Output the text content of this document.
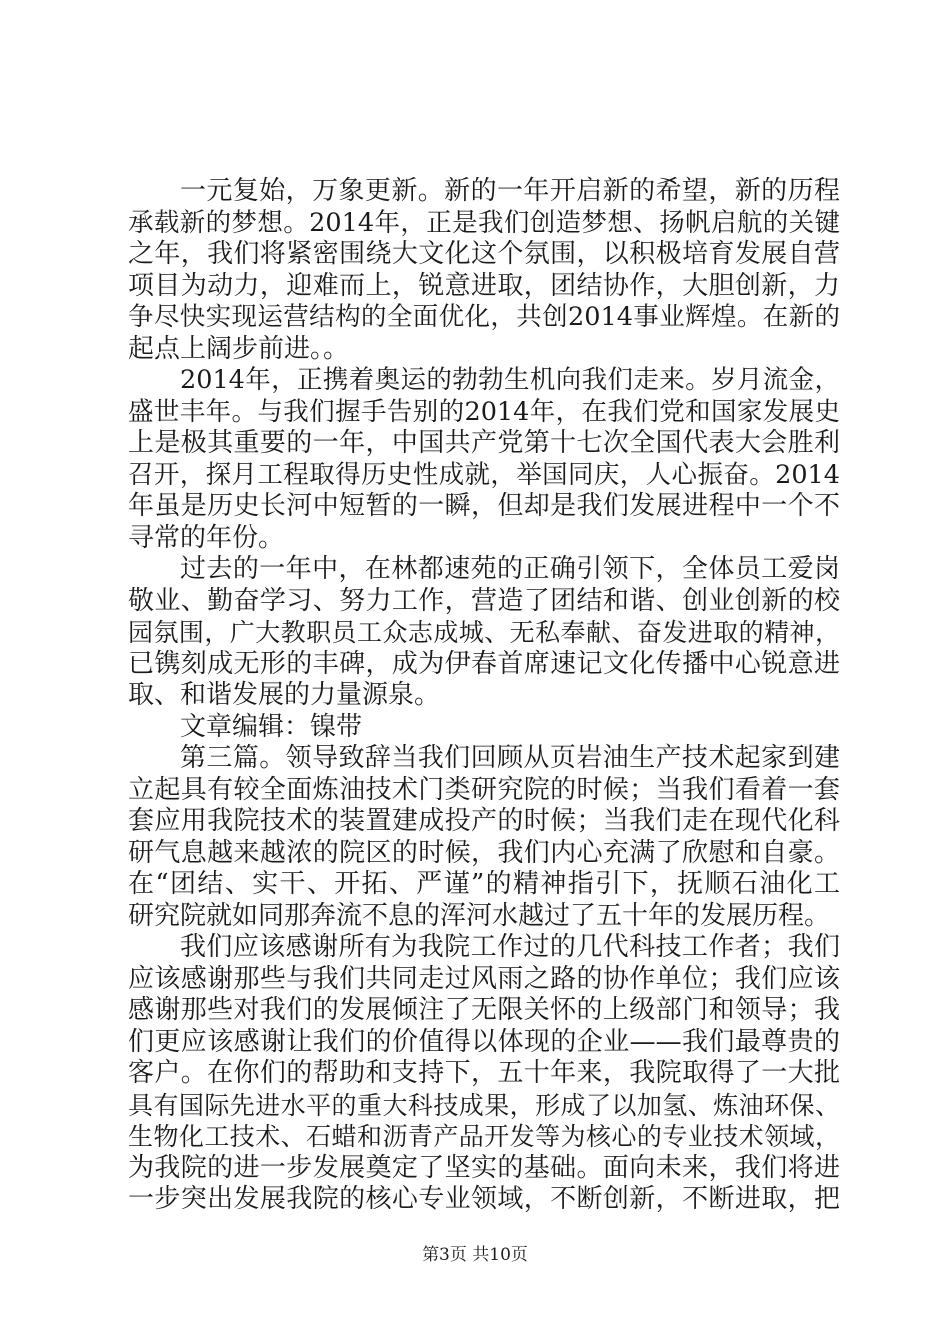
一元复始，万象更新。新的一年开启新的希望，新的历程
承载新的梦想。2014年，正是我们创造梦想、扬帆启航的关键
之年，我们将紧密围绕大文化这个氛围，以积极培育发展自营
项目为动力，迎难而上，锐意进取，团结协作，大胆创新，力
争尽快实现运营结构的全面优化，共创2014事业辉煌。在新的
起点上阔步前进。。
2014年，正携着奥运的勃勃生机向我们走来。岁月流金，
盛世丰年。与我们握手告别的2014年，在我们党和国家发展史
上是极其重要的一年，中国共产党第十七次全国代表大会胜利
召开，探月工程取得历史性成就，举国同庆，人心振奋。2014
年虽是历史长河中短暂的一瞬，但却是我们发展进程中一个不
寻常的年份。
过去的一年中，在林都速苑的正确引领下，全体员工爱岗
敬业、勤奋学习、努力工作，营造了团结和谐、创业创新的校
园氛围，广大教职员工众志成城、无私奉献、奋发进取的精神，
已镌刻成无形的丰碑，成为伊春首席速记文化传播中心锐意进
取、和谐发展的力量源泉。
文章编辑：镍带
第三篇。领导致辞当我们回顾从页岩油生产技术起家到建
立起具有较全面炼油技术门类研究院的时候；当我们看着一套
套应用我院技术的装置建成投产的时候；当我们走在现代化科
研气息越来越浓的院区的时候，我们内心充满了欣慰和自豪。
在“团结、实干、开拓、严谨”的精神指引下，抚顺石油化工
研究院就如同那奔流不息的浑河水越过了五十年的发展历程。
我们应该感谢所有为我院工作过的几代科技工作者；我们
应该感谢那些与我们共同走过风雨之路的协作单位；我们应该
感谢那些对我们的发展倾注了无限关怀的上级部门和领导；我
们更应该感谢让我们的价值得以体现的企业——我们最尊贵的
客户。在你们的帮助和支持下，五十年来，我院取得了一大批
具有国际先进水平的重大科技成果，形成了以加氢、炼油环保、
生物化工技术、石蜡和沥青产品开发等为核心的专业技术领域，
为我院的进一步发展奠定了坚实的基础。面向未来，我们将进
一步突出发展我院的核心专业领域，不断创新，不断进取，把
第3页 共10页
